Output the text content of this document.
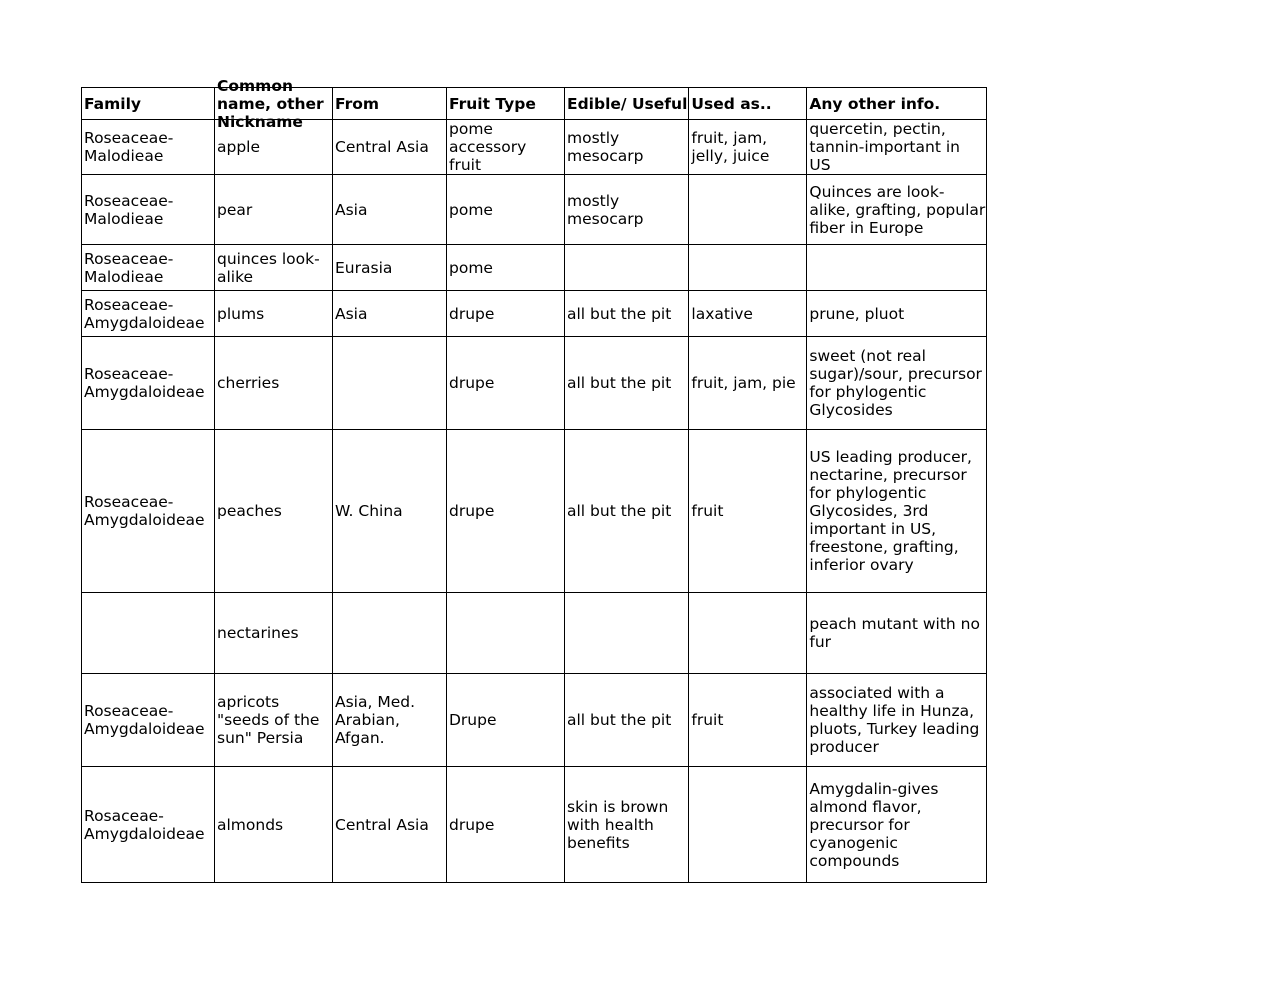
Family	Common name, other Nickname	From	Fruit Type	Edible/ Useful	Used as..	Any other info.

Roseaceae-Malodieae	apple	Central Asia	pome accessory fruit	mostly mesocarp	fruit, jam, jelly, juice	quercetin, pectin, tannin-important in US
Roseaceae-Malodieae	pear	Asia	pome	mostly mesocarp		Quinces are look-alike, grafting, popular fiber in Europe
Roseaceae-Malodieae	quinces look-alike	Eurasia	pome			
Roseaceae-Amygdaloideae	plums	Asia	drupe	all but the pit	laxative	prune, pluot
Roseaceae-Amygdaloideae	cherries		drupe	all but the pit	fruit, jam, pie	sweet (not real sugar)/sour, precursor for phylogentic Glycosides
Roseaceae-Amygdaloideae	peaches	W. China	drupe	all but the pit	fruit	US leading producer, nectarine, precursor for phylogentic Glycosides, 3rd important in US, freestone, grafting, inferior ovary
	nectarines					peach mutant with no fur
Roseaceae-Amygdaloideae	apricots "seeds of the sun" Persia	Asia, Med. Arabian, Afgan.	Drupe	all but the pit	fruit	associated with a healthy life in Hunza, pluots, Turkey leading producer
Rosaceae-Amygdaloideae	almonds	Central Asia	drupe	skin is brown with health benefits		Amygdalin-gives almond flavor, precursor for cyanogenic compounds
